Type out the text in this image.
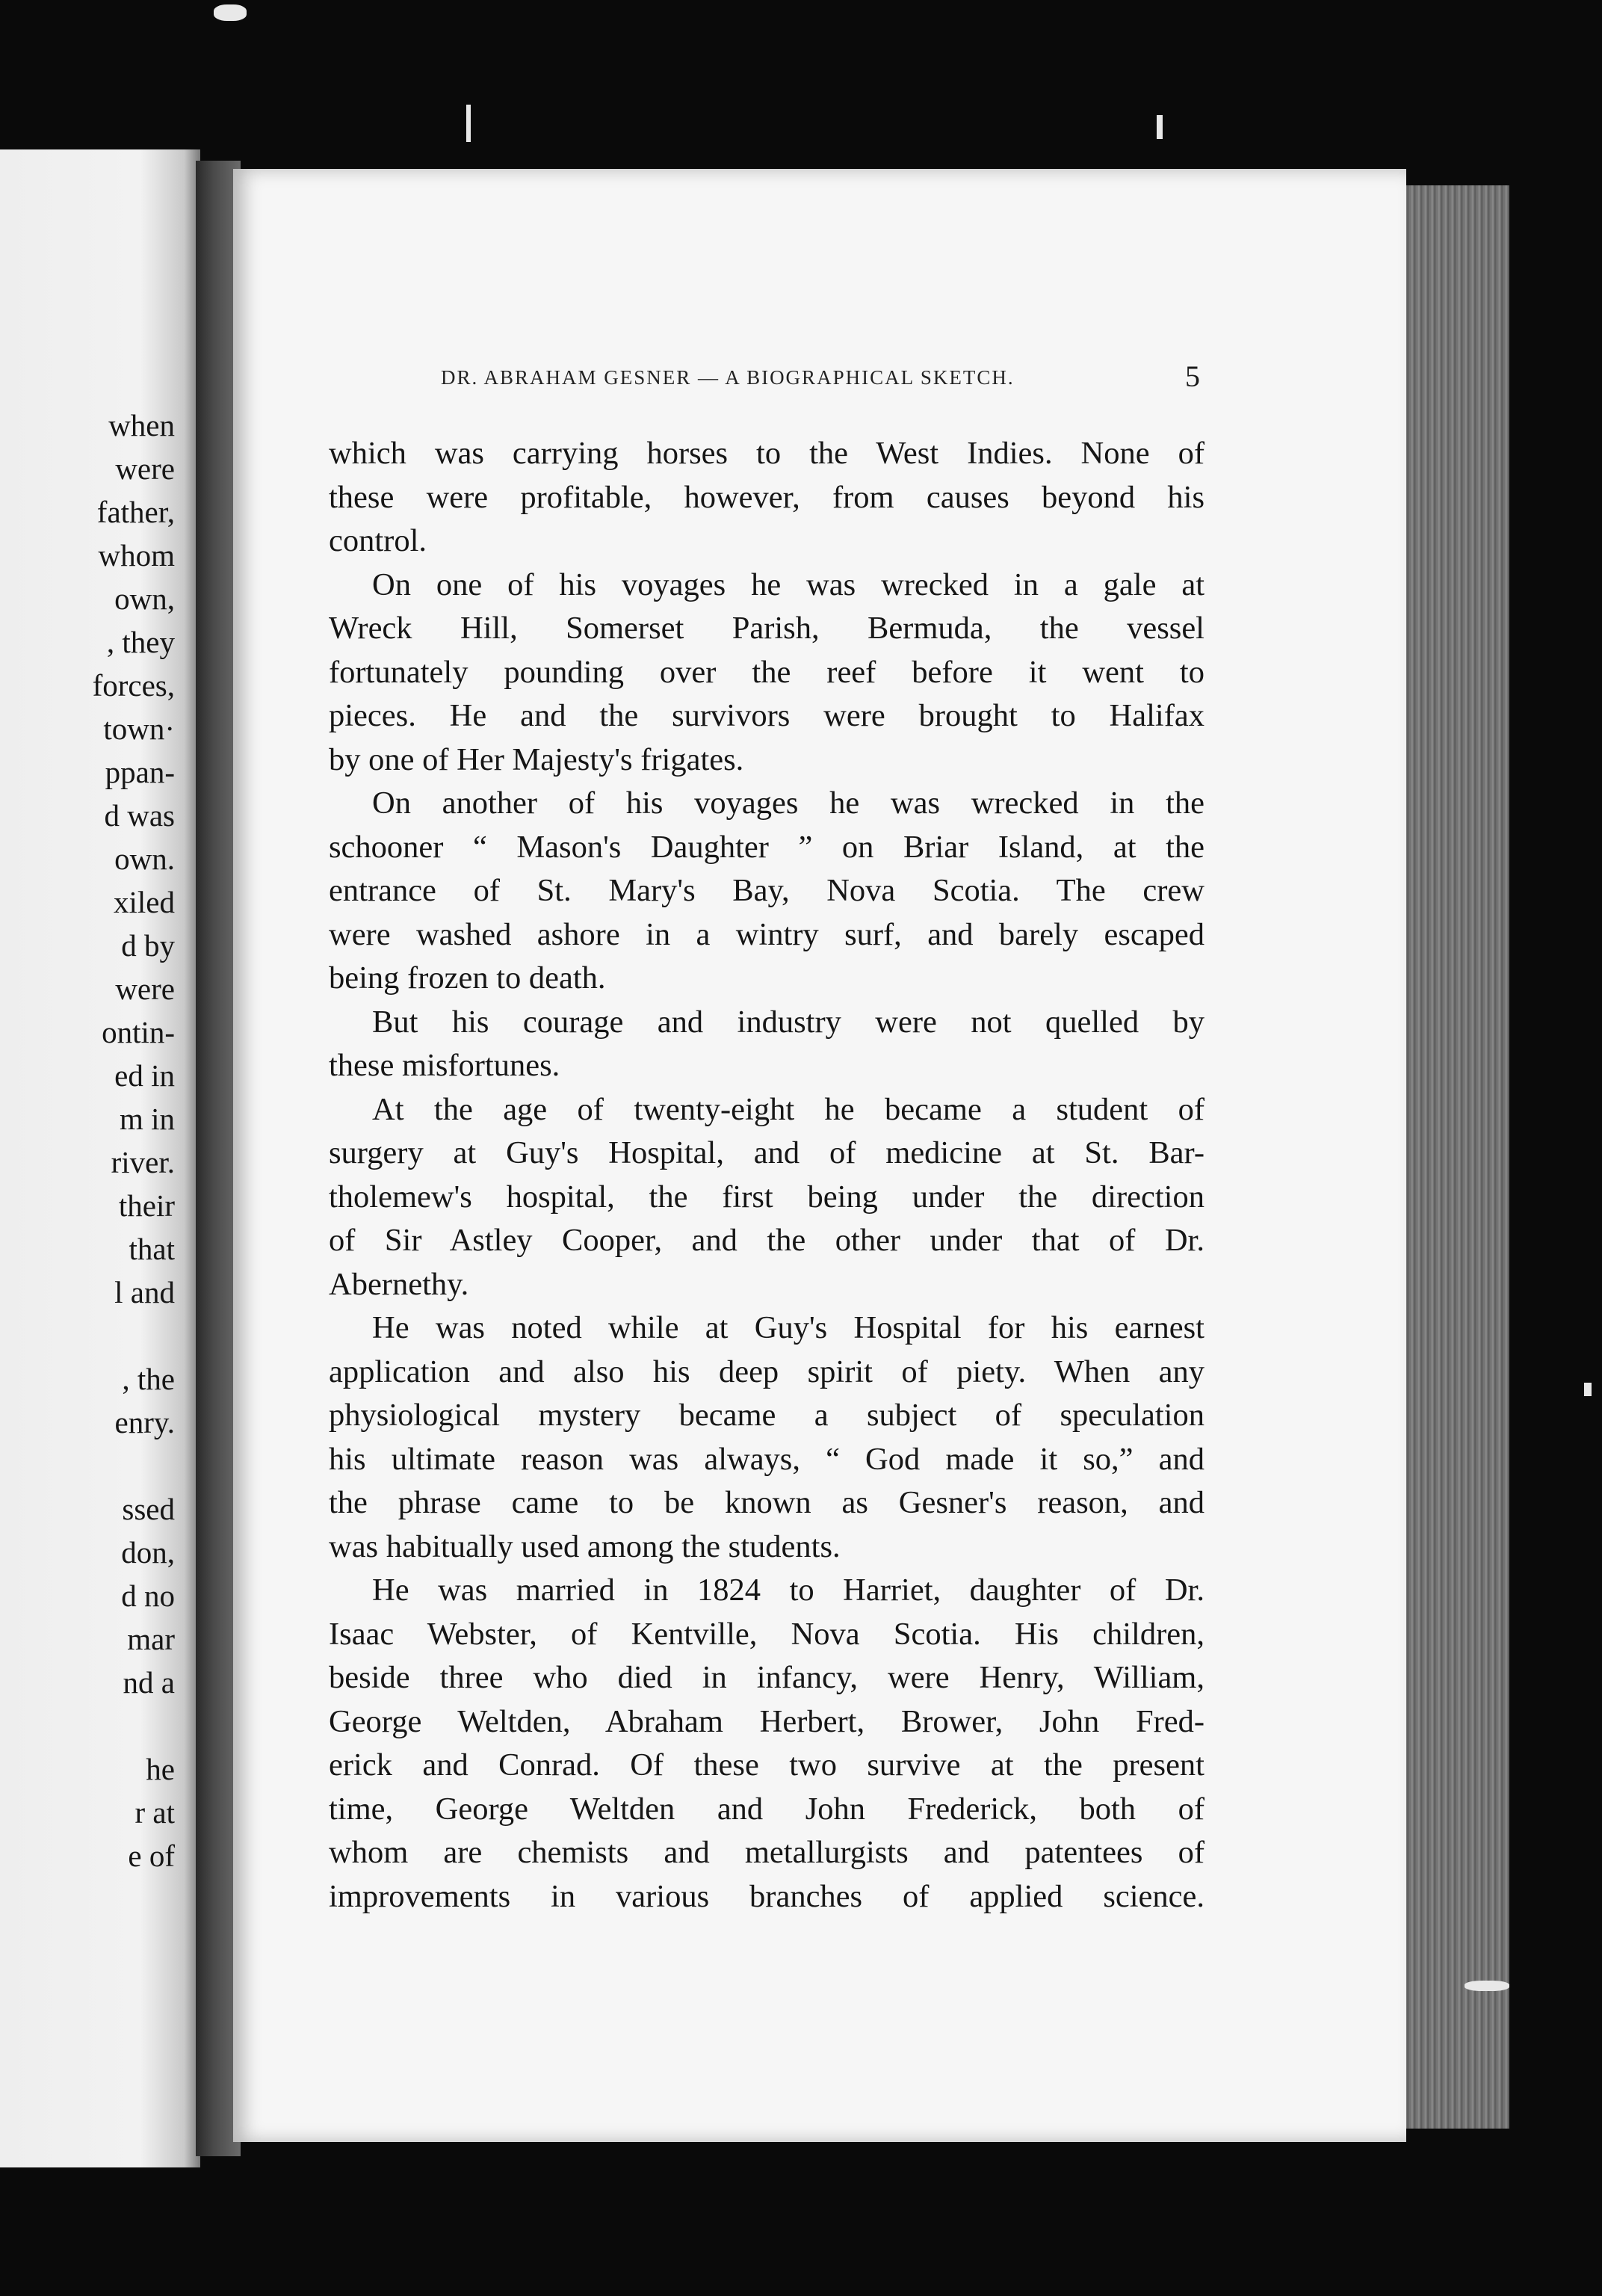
when
were
father,
whom
own,
, they
forces,
town·
ppan-
d was
own.
xiled
d by
were
ontin-
ed in
m in
river.
their
that
l and
, the
enry.
ssed
don,
d no
mar
nd a
he
r at
e of
DR. ABRAHAM GESNER — A BIOGRAPHICAL SKETCH.	5
which was carrying horses to the West Indies. None of
these were profitable, however, from causes beyond his
control.
On one of his voyages he was wrecked in a gale at
Wreck Hill, Somerset Parish, Bermuda, the vessel
fortunately pounding over the reef before it went to
pieces. He and the survivors were brought to Halifax
by one of Her Majesty's frigates.
On another of his voyages he was wrecked in the
schooner “ Mason's Daughter ” on Briar Island, at the
entrance of St. Mary's Bay, Nova Scotia. The crew
were washed ashore in a wintry surf, and barely escaped
being frozen to death.
But his courage and industry were not quelled by
these misfortunes.
At the age of twenty-eight he became a student of
surgery at Guy's Hospital, and of medicine at St. Bar-
tholemew's hospital, the first being under the direction
of Sir Astley Cooper, and the other under that of Dr.
Abernethy.
He was noted while at Guy's Hospital for his earnest
application and also his deep spirit of piety. When any
physiological mystery became a subject of speculation
his ultimate reason was always, “ God made it so,” and
the phrase came to be known as Gesner's reason, and
was habitually used among the students.
He was married in 1824 to Harriet, daughter of Dr.
Isaac Webster, of Kentville, Nova Scotia. His children,
beside three who died in infancy, were Henry, William,
George Weltden, Abraham Herbert, Brower, John Fred-
erick and Conrad. Of these two survive at the present
time, George Weltden and John Frederick, both of
whom are chemists and metallurgists and patentees of
improvements in various branches of applied science.
